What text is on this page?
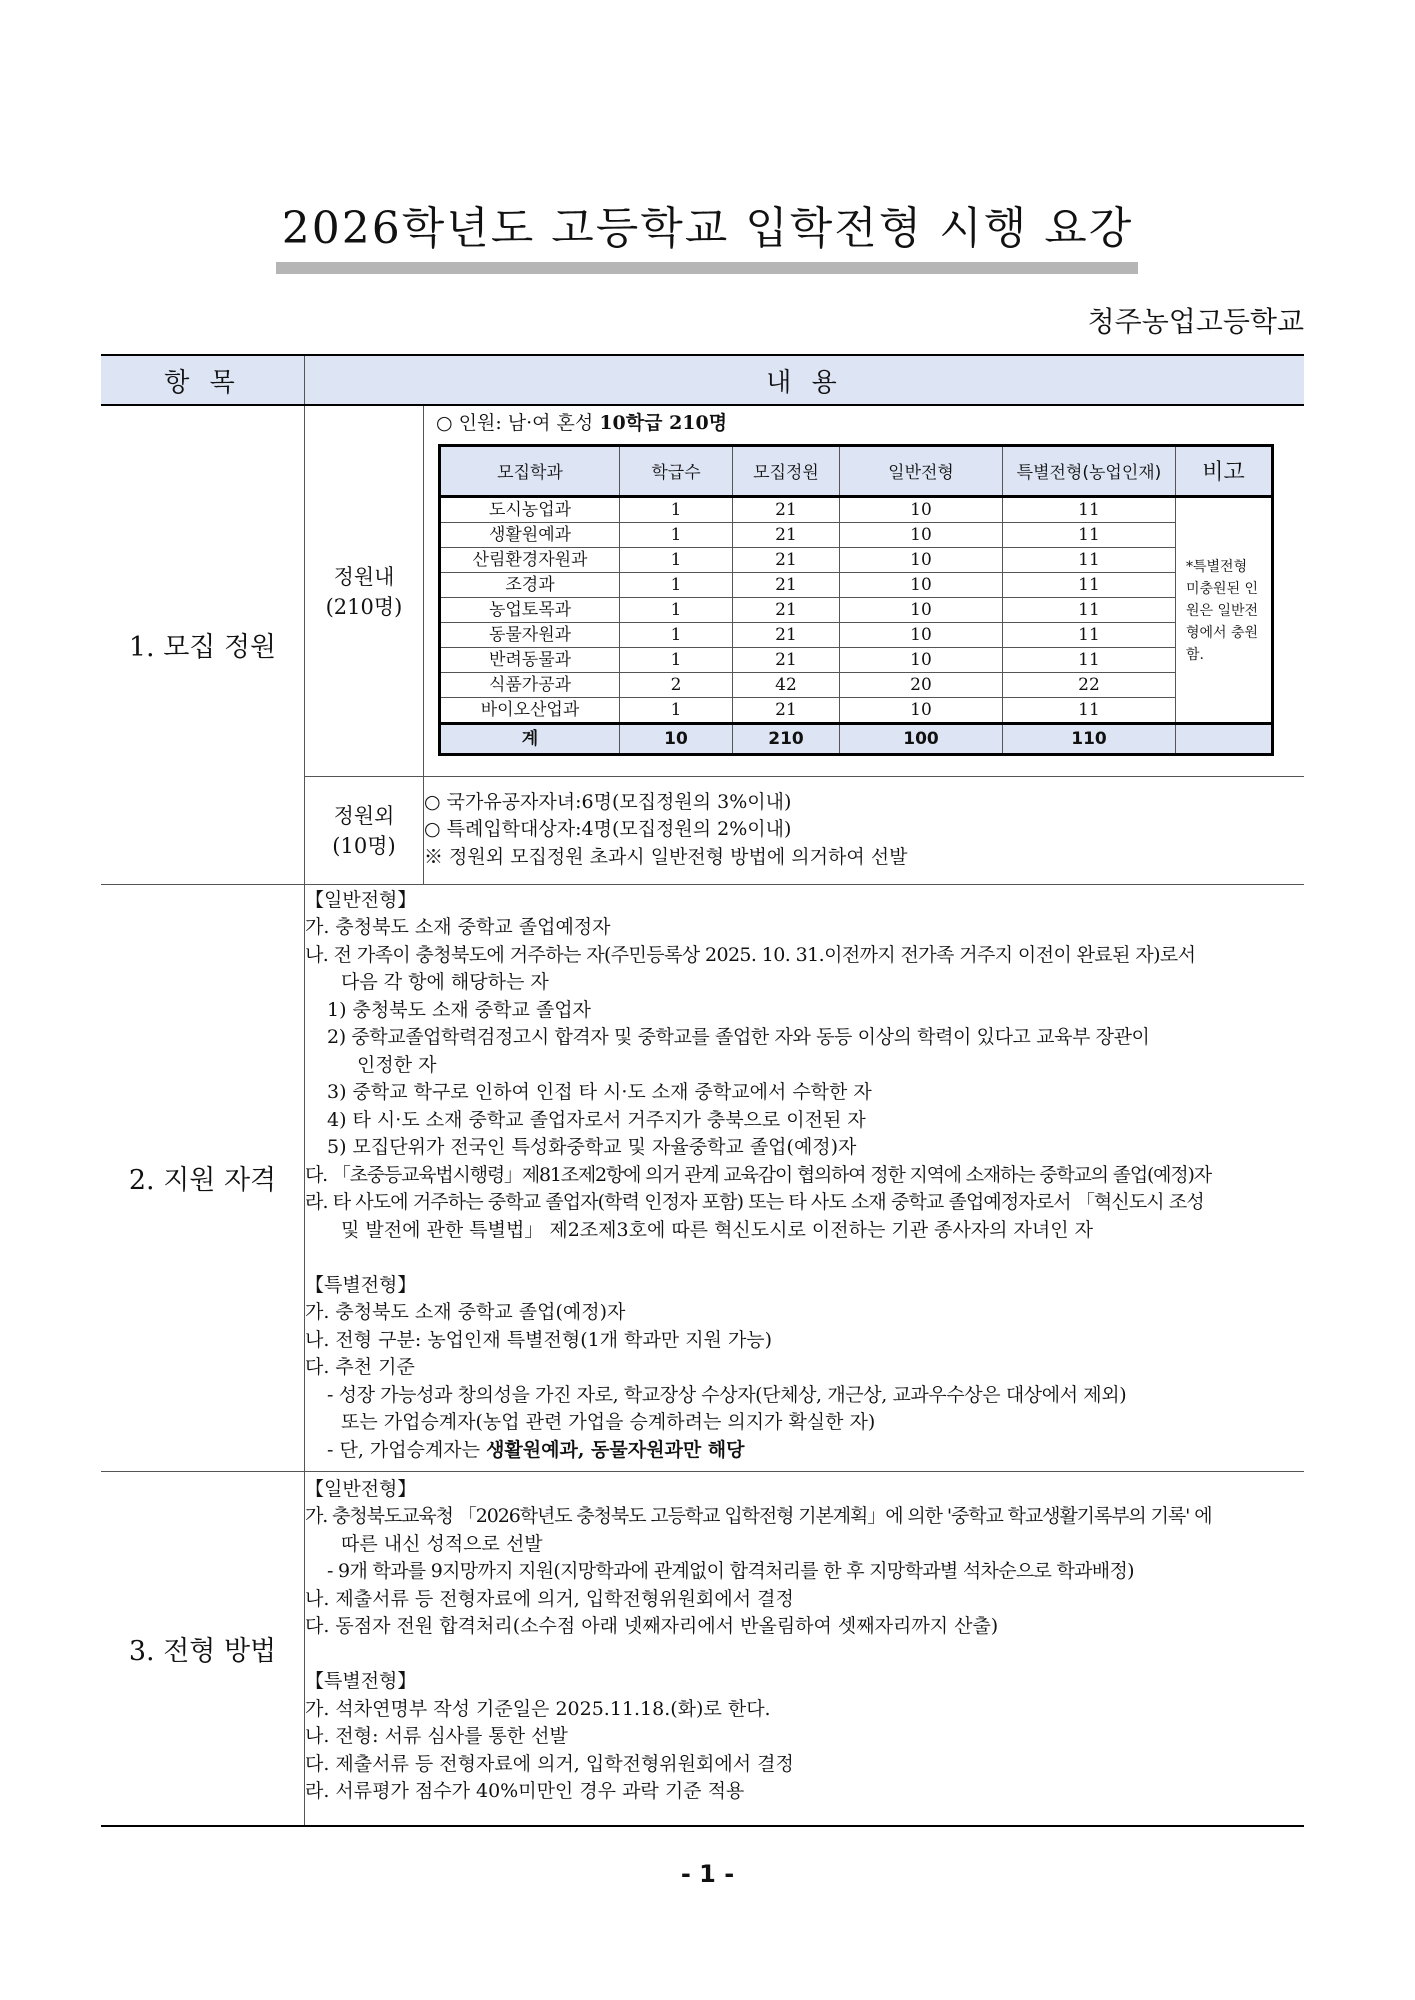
2026학년도 고등학교 입학전형 시행 요강
청주농업고등학교
항 목	내 용
1. 모집 정원	
정원내
(210명)

○ 인원: 남·여 혼성 10학급 210명
모집학과	학급수	모집정원	일반전형	특별전형(농업인재)	비고
도시농업과	1	21	10	11	*특별전형 미충원된 인원은 일반전형에서 충원함.
생활원예과	1	21	10	11
산림환경자원과	1	21	10	11
조경과	1	21	10	11
농업토목과	1	21	10	11
동물자원과	1	21	10	11
반려동물과	1	21	10	11
식품가공과	2	42	20	22
바이오산업과	1	21	10	11
계	10	210	100	110	

정원외
(10명)

○ 국가유공자자녀:6명(모집정원의 3%이내)
○ 특례입학대상자:4명(모집정원의 2%이내)
※ 정원외 모집정원 초과시 일반전형 방법에 의거하여 선발

2. 지원 자격	
【일반전형】
가. 충청북도 소재 중학교 졸업예정자
나. 전 가족이 충청북도에 거주하는 자(주민등록상 2025. 10. 31.이전까지 전가족 거주지 이전이 완료된 자)로서
다음 각 항에 해당하는 자
1) 충청북도 소재 중학교 졸업자
2) 중학교졸업학력검정고시 합격자 및 중학교를 졸업한 자와 동등 이상의 학력이 있다고 교육부 장관이
인정한 자
3) 중학교 학구로 인하여 인접 타 시·도 소재 중학교에서 수학한 자
4) 타 시·도 소재 중학교 졸업자로서 거주지가 충북으로 이전된 자
5) 모집단위가 전국인 특성화중학교 및 자율중학교 졸업(예정)자
다. 「초중등교육법시행령」제81조제2항에 의거 관계 교육감이 협의하여 정한 지역에 소재하는 중학교의 졸업(예정)자
라. 타 사도에 거주하는 중학교 졸업자(학력 인정자 포함) 또는 타 사도 소재 중학교 졸업예정자로서 「혁신도시 조성
및 발전에 관한 특별법」 제2조제3호에 따른 혁신도시로 이전하는 기관 종사자의 자녀인 자

【특별전형】
가. 충청북도 소재 중학교 졸업(예정)자
나. 전형 구분: 농업인재 특별전형(1개 학과만 지원 가능)
다. 추천 기준
- 성장 가능성과 창의성을 가진 자로, 학교장상 수상자(단체상, 개근상, 교과우수상은 대상에서 제외)
또는 가업승계자(농업 관련 가업을 승계하려는 의지가 확실한 자)
- 단, 가업승계자는 생활원예과, 동물자원과만 해당

3. 전형 방법	
【일반전형】
가. 충청북도교육청 「2026학년도 충청북도 고등학교 입학전형 기본계획」에 의한 '중학교 학교생활기록부의 기록' 에
따른 내신 성적으로 선발
- 9개 학과를 9지망까지 지원(지망학과에 관계없이 합격처리를 한 후 지망학과별 석차순으로 학과배정)
나. 제출서류 등 전형자료에 의거, 입학전형위원회에서 결정
다. 동점자 전원 합격처리(소수점 아래 넷째자리에서 반올림하여 셋째자리까지 산출)

【특별전형】
가. 석차연명부 작성 기준일은 2025.11.18.(화)로 한다.
나. 전형: 서류 심사를 통한 선발
다. 제출서류 등 전형자료에 의거, 입학전형위원회에서 결정
라. 서류평가 점수가 40%미만인 경우 과락 기준 적용
- 1 -
